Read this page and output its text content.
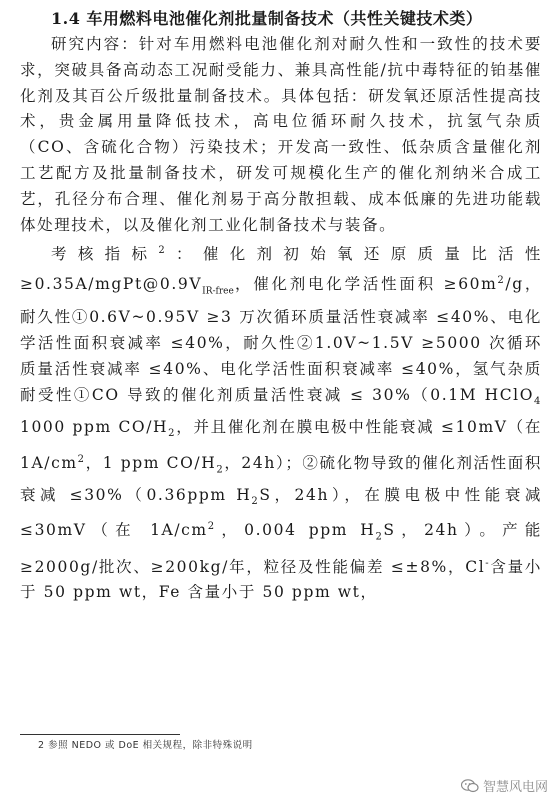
1.4 车用燃料电池催化剂批量制备技术（共性关键技术类）

研究内容：针对车用燃料电池催化剂对耐久性和一致性的技术要求，突破具备高动态工况耐受能力、兼具高性能/抗中毒特征的铂基催化剂及其百公斤级批量制备技术。具体包括：研发氧还原活性提高技术，贵金属用量降低技术，高电位循环耐久技术，抗氢气杂质（CO、含硫化合物）污染技术；开发高一致性、低杂质含量催化剂工艺配方及批量制备技术，研发可规模化生产的催化剂纳米合成工艺，孔径分布合理、催化剂易于高分散担载、成本低廉的先进功能载体处理技术，以及催化剂工业化制备技术与装备。

考核指标$^2$：催化剂初始氧还原质量比活性 $\ge 0.35A/mgPt@0.9V_{IR-free}$，催化剂电化学活性面积 $\ge 60m^2/g$，耐久性①0.6V~0.95V ≥3 万次循环质量活性衰减率 ≤40%、电化学活性面积衰减率 ≤40%，耐久性②1.0V~1.5V ≥5000 次循环质量活性衰减率 ≤40%、电化学活性面积衰减率 ≤40%，氢气杂质耐受性①CO 导致的催化剂质量活性衰减 ≤ 30%（0.1M HClO$_4$ 1000 ppm $CO/H_2$，并且催化剂在膜电极中性能衰减 ≤10mV（在 $1A/cm^2$，1 ppm $CO/H_2$，24h）；②硫化物导致的催化剂活性面积衰减 ≤30%（0.36ppm $H_2S$，24h），在膜电极中性能衰减 ≤30mV（在 $1A/cm^2$，0.004 ppm $H_2S$，24h）。产能 ≥2000g/批次、≥200kg/年，粒径及性能偏差 ≤±8%，Cl-含量小于 50 ppm wt，Fe 含量小于 50 ppm wt，

2 参照 NEDO 或 DoE 相关规程，除非特殊说明
智慧风电网
